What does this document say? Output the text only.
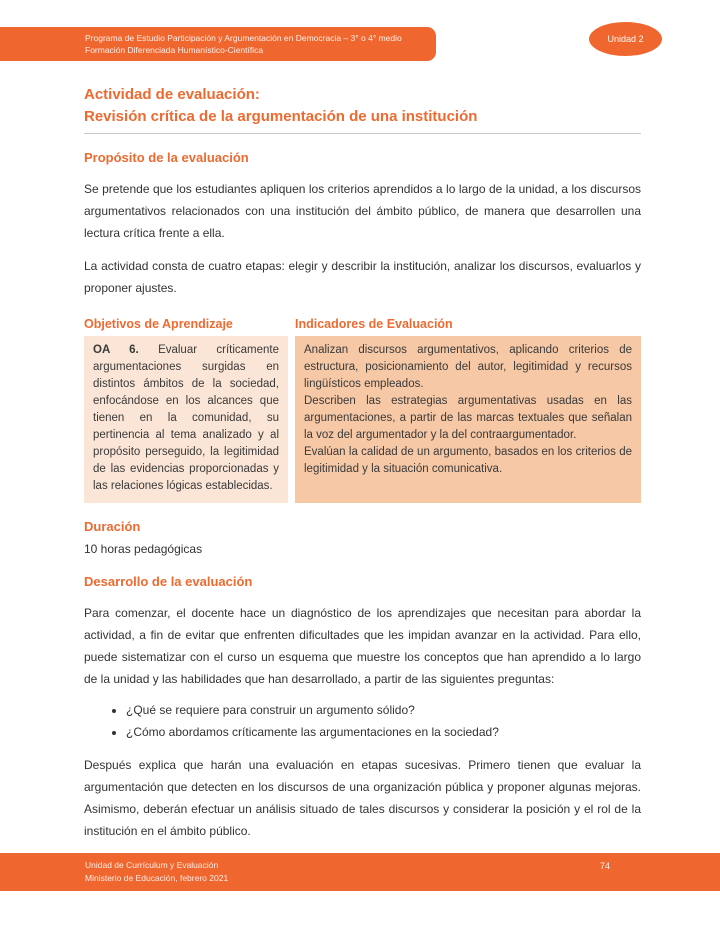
Programa de Estudio Participación y Argumentación en Democracia – 3° o 4° medio
Formación Diferenciada Humanístico-Científica
Unidad 2
Actividad de evaluación:
Revisión crítica de la argumentación de una institución
Propósito de la evaluación

Se pretende que los estudiantes apliquen los criterios aprendidos a lo largo de la unidad, a los discursos argumentativos relacionados con una institución del ámbito público, de manera que desarrollen una lectura crítica frente a ella.

La actividad consta de cuatro etapas: elegir y describir la institución, analizar los discursos, evaluarlos y proponer ajustes.

Objetivos de Aprendizaje	Indicadores de Evaluación
OA 6. Evaluar críticamente argumentaciones surgidas en distintos ámbitos de la sociedad, enfocándose en los alcances que tienen en la comunidad, su pertinencia al tema analizado y al propósito perseguido, la legitimidad de las evidencias proporcionadas y las relaciones lógicas establecidas.

Analizan discursos argumentativos, aplicando criterios de estructura, posicionamiento del autor, legitimidad y recursos lingüísticos empleados.

Describen las estrategias argumentativas usadas en las argumentaciones, a partir de las marcas textuales que señalan la voz del argumentador y la del contraargumentador.

Evalúan la calidad de un argumento, basados en los criterios de legitimidad y la situación comunicativa.

Duración

10 horas pedagógicas

Desarrollo de la evaluación

Para comenzar, el docente hace un diagnóstico de los aprendizajes que necesitan para abordar la actividad, a fin de evitar que enfrenten dificultades que les impidan avanzar en la actividad. Para ello, puede sistematizar con el curso un esquema que muestre los conceptos que han aprendido a lo largo de la unidad y las habilidades que han desarrollado, a partir de las siguientes preguntas:

• ¿Qué se requiere para construir un argumento sólido?
• ¿Cómo abordamos críticamente las argumentaciones en la sociedad?

Después explica que harán una evaluación en etapas sucesivas. Primero tienen que evaluar la argumentación que detecten en los discursos de una organización pública y proponer algunas mejoras. Asimismo, deberán efectuar un análisis situado de tales discursos y considerar la posición y el rol de la institución en el ámbito público.

Unidad de Currículum y Evaluación
Ministerio de Educación, febrero 2021
74
